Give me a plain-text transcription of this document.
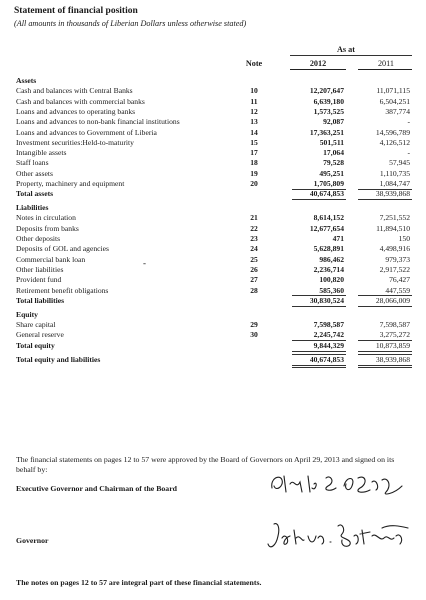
Statement of financial position
(All amounts in thousands of Liberian Dollars unless otherwise stated)
As at
Note	2012	2011
Assets
Cash and balances with Central Banks	10	12,207,647	11,071,115
Cash and balances with commercial banks	11	6,639,180	6,504,251
Loans and advances to operating banks	12	1,573,525	387,774
Loans and advances to non-bank financial institutions	13	92,087	-
Loans and advances to Government of Liberia	14	17,363,251	14,596,789
Investment securities:Held-to-maturity	15	501,511	4,126,512
Intangible assets	17	17,064	-
Staff loans	18	79,528	57,945
Other assets	19	495,251	1,110,735
Property, machinery and equipment	20	1,705,809	1,084,747
Total assets	40,674,853	38,939,868
Liabilities
Notes in circulation	21	8,614,152	7,251,552
Deposits from banks	22	12,677,654	11,894,510
Other deposits	23	471	150
Deposits of GOL and agencies	24	5,628,891	4,498,916
Commercial bank loan	25	986,462	979,373
Other liabilities	26	2,236,714	2,917,522
Provident fund	27	100,820	76,427
Retirement benefit obligations	28	585,360	447,559
Total liabilities	30,830,524	28,066,009
Equity
Share capital	29	7,598,587	7,598,587
General reserve	30	2,245,742	3,275,272
Total equity	9,844,329	10,873,859
Total equity and liabilities	40,674,853	38,939,868
-
The financial statements on pages 12 to 57 were approved by the Board of Governors on April 29, 2013 and signed on its behalf by:
Executive Governor and Chairman of the Board
Governor
The notes on pages 12 to 57 are integral part of these financial statements.
